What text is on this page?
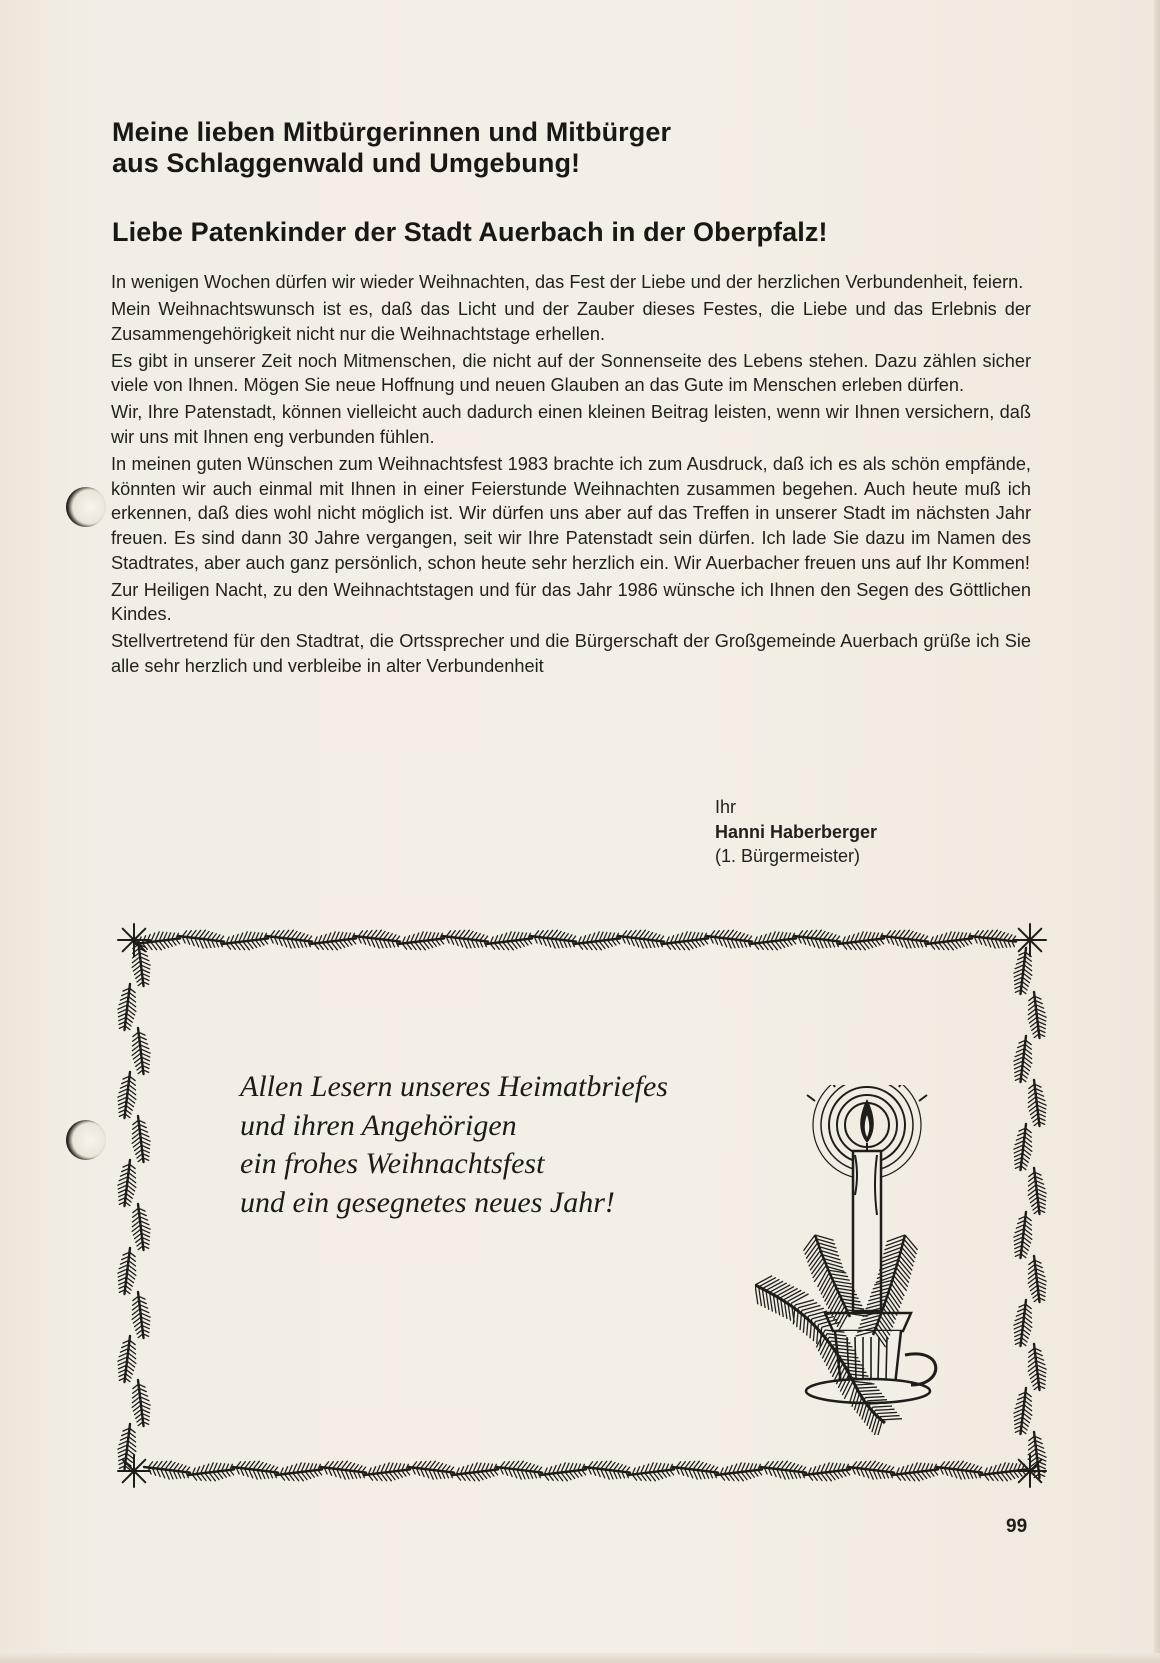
Meine lieben Mitbürgerinnen und Mitbürger
aus Schlaggenwald und Umgebung!
Liebe Patenkinder der Stadt Auerbach in der Oberpfalz!

In wenigen Wochen dürfen wir wieder Weihnachten, das Fest der Liebe und der herzlichen Verbundenheit, feiern.

Mein Weihnachtswunsch ist es, daß das Licht und der Zauber dieses Festes, die Liebe und das Erlebnis der Zusammengehörigkeit nicht nur die Weihnachtstage erhellen.

Es gibt in unserer Zeit noch Mitmenschen, die nicht auf der Sonnenseite des Lebens stehen. Dazu zählen sicher viele von Ihnen. Mögen Sie neue Hoffnung und neuen Glauben an das Gute im Menschen erleben dürfen.

Wir, Ihre Patenstadt, können vielleicht auch dadurch einen kleinen Beitrag leisten, wenn wir Ihnen versichern, daß wir uns mit Ihnen eng verbunden fühlen.

In meinen guten Wünschen zum Weihnachtsfest 1983 brachte ich zum Ausdruck, daß ich es als schön empfände, könnten wir auch einmal mit Ihnen in einer Feierstunde Weihnachten zusammen begehen. Auch heute muß ich erkennen, daß dies wohl nicht möglich ist. Wir dürfen uns aber auf das Treffen in unserer Stadt im nächsten Jahr freuen. Es sind dann 30 Jahre vergangen, seit wir Ihre Patenstadt sein dürfen. Ich lade Sie dazu im Namen des Stadtrates, aber auch ganz persönlich, schon heute sehr herzlich ein. Wir Auerbacher freuen uns auf Ihr Kommen!

Zur Heiligen Nacht, zu den Weihnachtstagen und für das Jahr 1986 wünsche ich Ihnen den Segen des Göttlichen Kindes.

Stellvertretend für den Stadtrat, die Ortssprecher und die Bürgerschaft der Großgemeinde Auerbach grüße ich Sie alle sehr herzlich und verbleibe in alter Verbundenheit

Ihr
Hanni Haberberger
(1. Bürgermeister)
Allen Lesern unseres Heimatbriefes
und ihren Angehörigen
ein frohes Weihnachtsfest
und ein gesegnetes neues Jahr!
99
